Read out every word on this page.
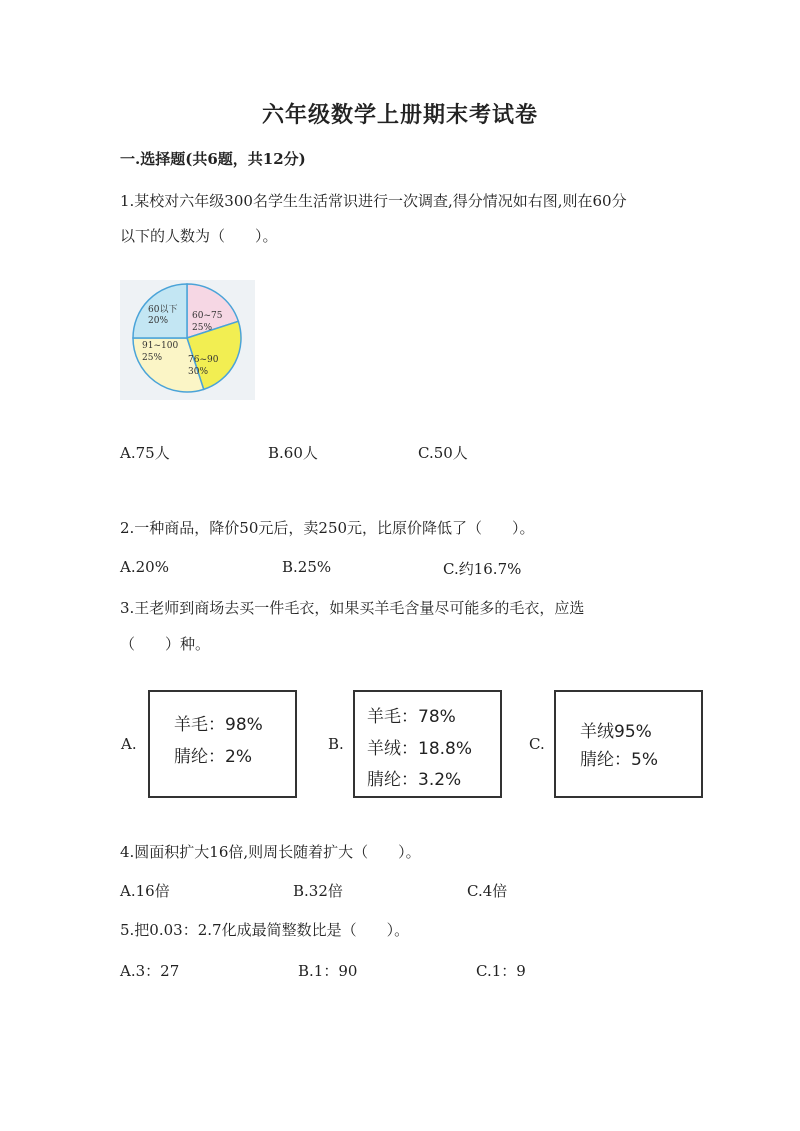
六年级数学上册期末考试卷
一.选择题(共6题，共12分)
1.某校对六年级300名学生生活常识进行一次调查,得分情况如右图,则在60分
以下的人数为（　　）。
60以下
20%	60~75
25%
76~90
30%
91~100
25%
A.75人	B.60人	C.50人
2.一种商品，降价50元后，卖250元，比原价降低了（　　）。
A.20%	B.25%	C.约16.7%
3.王老师到商场去买一件毛衣，如果买羊毛含量尽可能多的毛衣，应选
（　　）种。
A.
羊毛：98%
腈纶：2%
B.
羊毛：78%
羊绒：18.8%
腈纶：3.2%
C.
羊绒95%
腈纶：5%
4.圆面积扩大16倍,则周长随着扩大（　　）。
A.16倍	B.32倍	C.4倍
5.把0.03：2.7化成最简整数比是（　　）。
A.3：27	B.1：90	C.1：9
